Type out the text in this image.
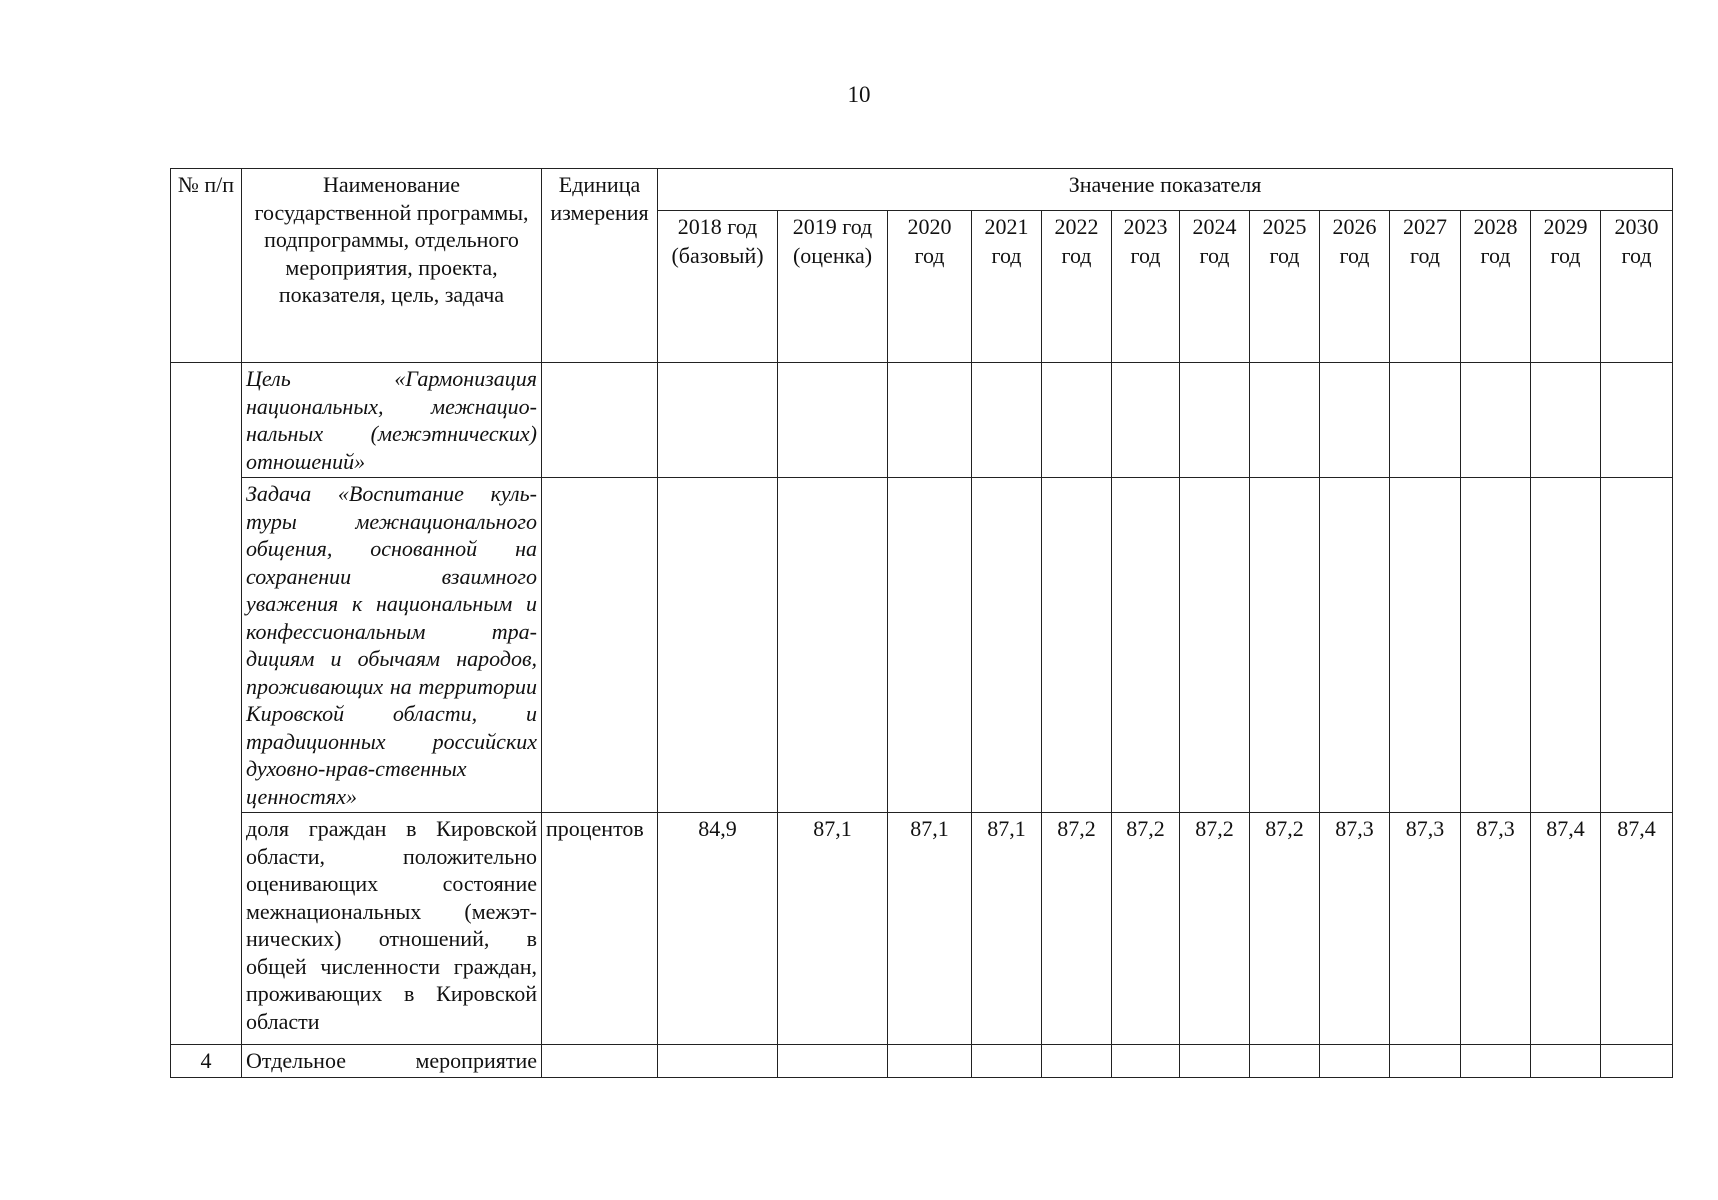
10
№ п/п	Наименование государственной программы, подпрограммы, отдельного мероприятия, проекта, показателя, цель, задача	Единица измерения	Значение показателя												
			2018 год (базовый)	2019 год (оценка)	2020 год	2021 год	2022 год	2023 год	2024 год	2025 год	2026 год	2027 год	2028 год	2029 год	2030 год
	Цель «Гармонизация национальных, межнацио-нальных (межэтнических) отношений»														
	Задача «Воспитание куль-туры межнационального общения, основанной на сохранении взаимного уважения к национальным и конфессиональным тра-дициям и обычаям народов, проживающих на территории Кировской области, и традиционных российских духовно-нрав-ственных ценностях»														
	доля граждан в Кировской области, положительно оценивающих состояние межнациональных (межэт-нических) отношений, в общей численности граждан, проживающих в Кировской области	процентов	84,9	87,1	87,1	87,1	87,2	87,2	87,2	87,2	87,3	87,3	87,3	87,4	87,4
4	Отдельное мероприятие														
